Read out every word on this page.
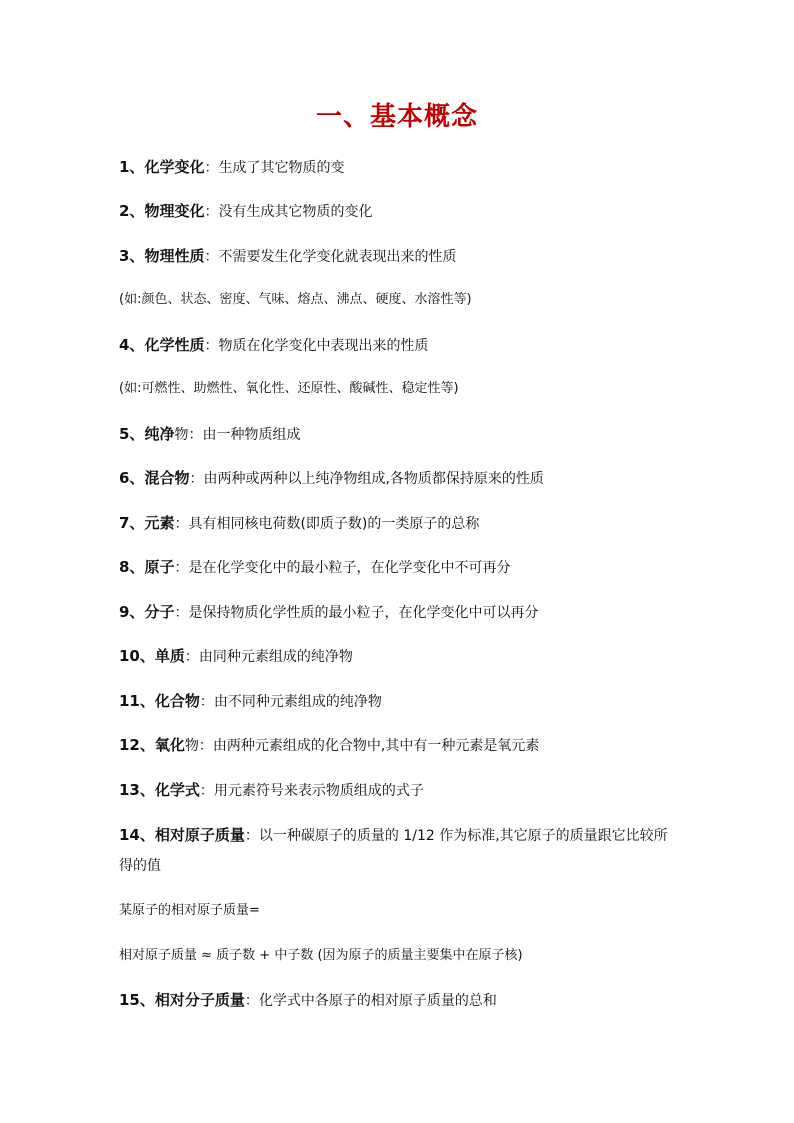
一、基本概念
1、化学变化：生成了其它物质的变
2、物理变化：没有生成其它物质的变化
3、物理性质：不需要发生化学变化就表现出来的性质
(如:颜色、状态、密度、气味、熔点、沸点、硬度、水溶性等)
4、化学性质：物质在化学变化中表现出来的性质
(如:可燃性、助燃性、氧化性、还原性、酸碱性、稳定性等)
5、纯净物：由一种物质组成
6、混合物：由两种或两种以上纯净物组成,各物质都保持原来的性质
7、元素：具有相同核电荷数(即质子数)的一类原子的总称
8、原子：是在化学变化中的最小粒子，在化学变化中不可再分
9、分子：是保持物质化学性质的最小粒子，在化学变化中可以再分
10、单质：由同种元素组成的纯净物
11、化合物：由不同种元素组成的纯净物
12、氧化物：由两种元素组成的化合物中,其中有一种元素是氧元素
13、化学式：用元素符号来表示物质组成的式子
14、相对原子质量：以一种碳原子的质量的 1/12 作为标准,其它原子的质量跟它比较所得的值
某原子的相对原子质量=
相对原子质量 ≈ 质子数 + 中子数 (因为原子的质量主要集中在原子核)
15、相对分子质量：化学式中各原子的相对原子质量的总和
